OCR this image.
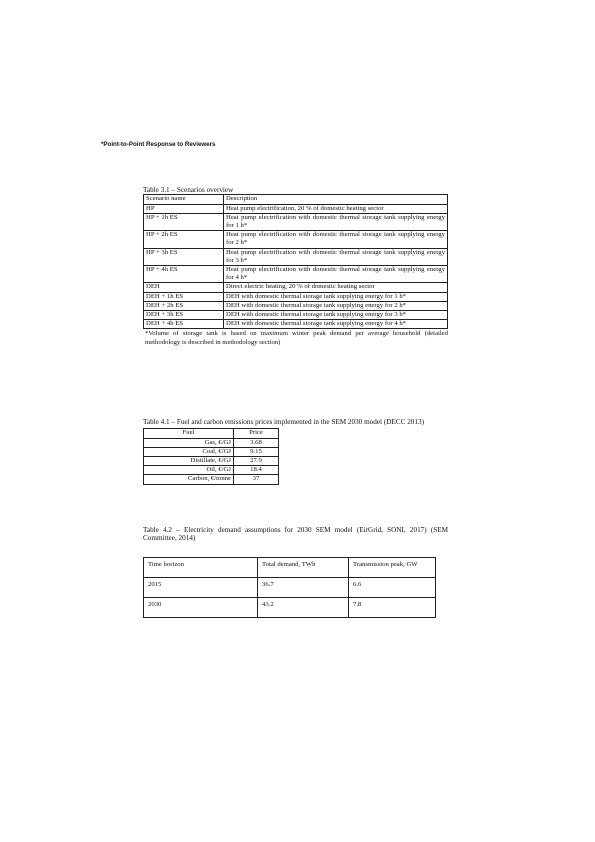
*Point-to-Point Response to Reviewers
Table 3.1 – Scenarios overview
Scenario name	Description
HP	Heat pump electrification, 20 % of domestic heating sector
HP + 1h ES	Heat pump electrification with domestic thermal storage tank supplying energy for 1 h*
HP + 2h ES	Heat pump electrification with domestic thermal storage tank supplying energy for 2 h*
HP + 3h ES	Heat pump electrification with domestic thermal storage tank supplying energy for 3 h*
HP + 4h ES	Heat pump electrification with domestic thermal storage tank supplying energy for 4 h*
DEH	Direct electric heating, 20 % of domestic heating sector
DEH + 1h ES	DEH with domestic thermal storage tank supplying energy for 1 h*
DEH + 2h ES	DEH with domestic thermal storage tank supplying energy for 2 h*
DEH + 3h ES	DEH with domestic thermal storage tank supplying energy for 3 h*
DEH + 4h ES	DEH with domestic thermal storage tank supplying energy for 4 h*
*Volume of storage tank is based on maximum winter peak demand per average household (detailed methodology is described in methodology section)
Table 4.1 – Fuel and carbon emissions prices implemented in the SEM 2030 model (DECC 2013)
Fuel	Price
Gas, €/GJ	3.68
Coal, €/GJ	9.15
Distillate, €/GJ	27.9
Oil, €/GJ	18.4
Carbon, €/tonne	37
Table 4.2 – Electricity demand assumptions for 2030 SEM model (EirGrid, SONI, 2017) (SEM Committee, 2014)
Time horizon	Total demand, TWh	Transmission peak, GW
2015	36.7	6.6
2030	43.2	7.8
